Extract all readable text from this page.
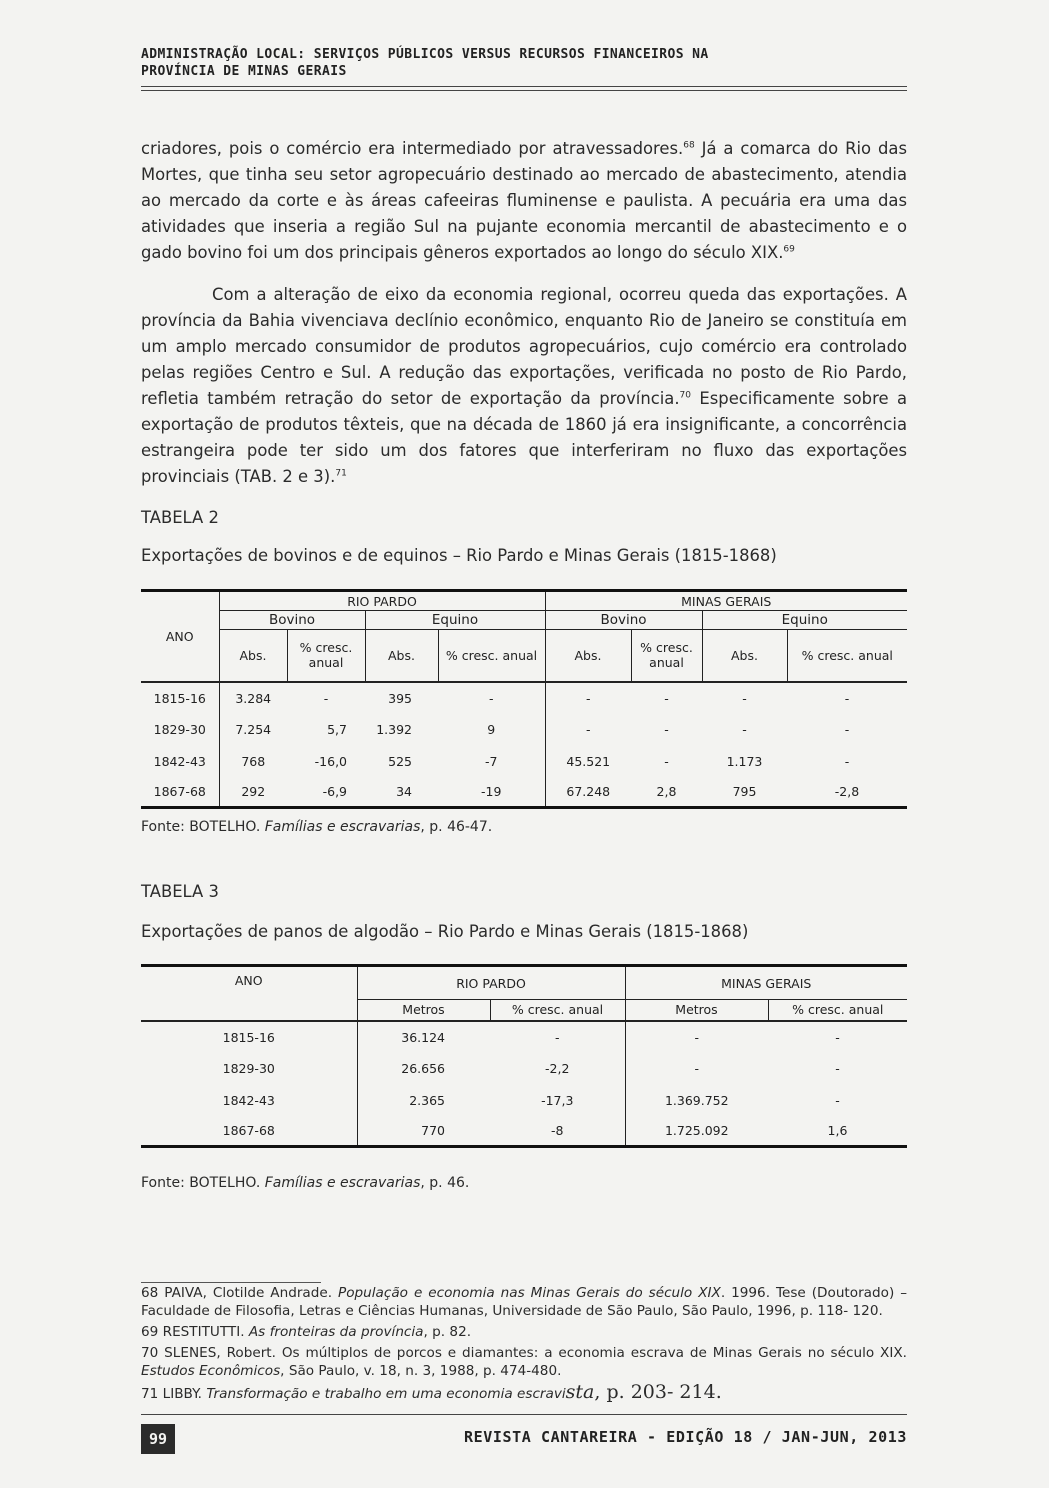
ADMINISTRAÇÃO LOCAL: SERVIÇOS PÚBLICOS VERSUS RECURSOS FINANCEIROS NA PROVÍNCIA DE MINAS GERAIS

criadores, pois o comércio era intermediado por atravessadores.$^{68}$ Já a comarca do Rio das Mortes, que tinha seu setor agropecuário destinado ao mercado de abastecimento, atendia ao mercado da corte e às áreas cafeeiras fluminense e paulista. A pecuária era uma das atividades que inseria a região Sul na pujante economia mercantil de abastecimento e o gado bovino foi um dos principais gêneros exportados ao longo do século XIX.$^{69}$

Com a alteração de eixo da economia regional, ocorreu queda das exportações. A província da Bahia vivenciava declínio econômico, enquanto Rio de Janeiro se constituía em um amplo mercado consumidor de produtos agropecuários, cujo comércio era controlado pelas regiões Centro e Sul. A redução das exportações, verificada no posto de Rio Pardo, refletia também retração do setor de exportação da província.$^{70}$ Especificamente sobre a exportação de produtos têxteis, que na década de 1860 já era insignificante, a concorrência estrangeira pode ter sido um dos fatores que interferiram no fluxo das exportações provinciais (TAB. 2 e 3).$^{71}$

TABELA 2
Exportações de bovinos e de equinos – Rio Pardo e Minas Gerais (1815-1868)
ANO	RIO PARDO				MINAS GERAIS			
	Bovino		Equino		Bovino		Equino	
	Abs.	% cresc.
anual	Abs.	% cresc. anual	Abs.	% cresc.
anual	Abs.	% cresc. anual
1815-16	3.284	-	395	-	-	-	-	-
1829-30	7.254	5,7	1.392	9	-	-	-	-
1842-43	768	-16,0	525	-7	45.521	-	1.173	-
1867-68	292	-6,9	34	-19	67.248	2,8	795	-2,8
Fonte: BOTELHO. Famílias e escravarias, p. 46-47.
TABELA 3
Exportações de panos de algodão – Rio Pardo e Minas Gerais (1815-1868)
ANO	RIO PARDO		MINAS GERAIS	
	Metros	% cresc. anual	Metros	% cresc. anual
1815-16	36.124	-	-	-
1829-30	26.656	-2,2	-	-
1842-43	2.365	-17,3	1.369.752	-
1867-68	770	-8	1.725.092	1,6
Fonte: BOTELHO. Famílias e escravarias, p. 46.

68 PAIVA, Clotilde Andrade. População e economia nas Minas Gerais do século XIX. 1996. Tese (Doutorado) – Faculdade de Filosofia, Letras e Ciências Humanas, Universidade de São Paulo, São Paulo, 1996, p. 118- 120.

69 RESTITUTTI. As fronteiras da província, p. 82.

70 SLENES, Robert. Os múltiplos de porcos e diamantes: a economia escrava de Minas Gerais no século XIX. Estudos Econômicos, São Paulo, v. 18, n. 3, 1988, p. 474-480.

71 LIBBY. Transformação e trabalho em uma economia escravista, p. 203- 214.

99	REVISTA CANTAREIRA - EDIÇÃO 18 / JAN-JUN, 2013
